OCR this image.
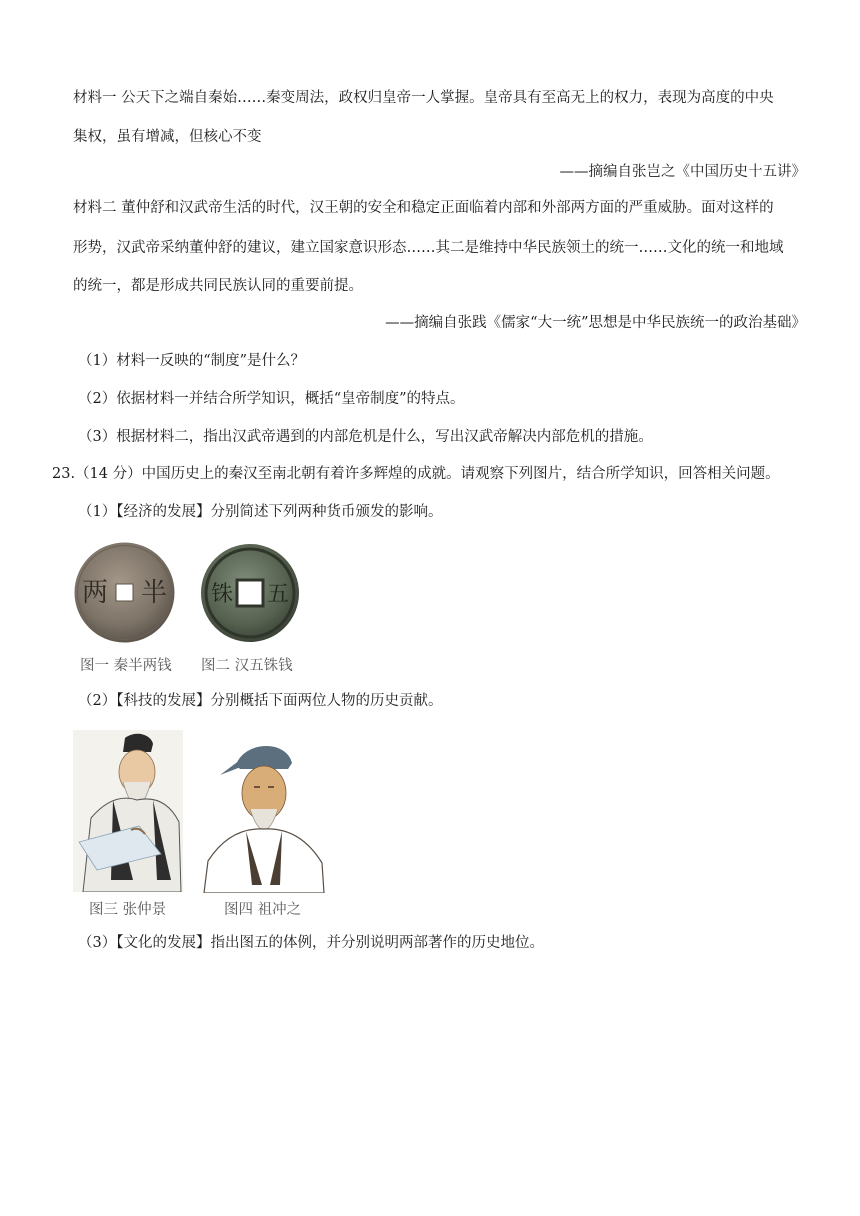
材料一 公天下之端自秦始……秦变周法，政权归皇帝一人掌握。皇帝具有至高无上的权力，表现为高度的中央
集权，虽有增减，但核心不变
——摘编自张岂之《中国历史十五讲》
材料二 董仲舒和汉武帝生活的时代，汉王朝的安全和稳定正面临着内部和外部两方面的严重威胁。面对这样的
形势，汉武帝采纳董仲舒的建议，建立国家意识形态……其二是维持中华民族领土的统一……文化的统一和地域
的统一，都是形成共同民族认同的重要前提。
——摘编自张践《儒家“大一统”思想是中华民族统一的政治基础》
（1）材料一反映的“制度”是什么？
（2）依据材料一并结合所学知识，概括“皇帝制度”的特点。
（3）根据材料二，指出汉武帝遇到的内部危机是什么，写出汉武帝解决内部危机的措施。
23.（14 分）中国历史上的秦汉至南北朝有着许多辉煌的成就。请观察下列图片，结合所学知识，回答相关问题。
（1）【经济的发展】分别简述下列两种货币颁发的影响。
两 半 铢 五
图一 秦半两钱 图二 汉五铢钱
（2）【科技的发展】分别概括下面两位人物的历史贡献。
图三 张仲景	图四 祖冲之
（3）【文化的发展】指出图五的体例，并分别说明两部著作的历史地位。
